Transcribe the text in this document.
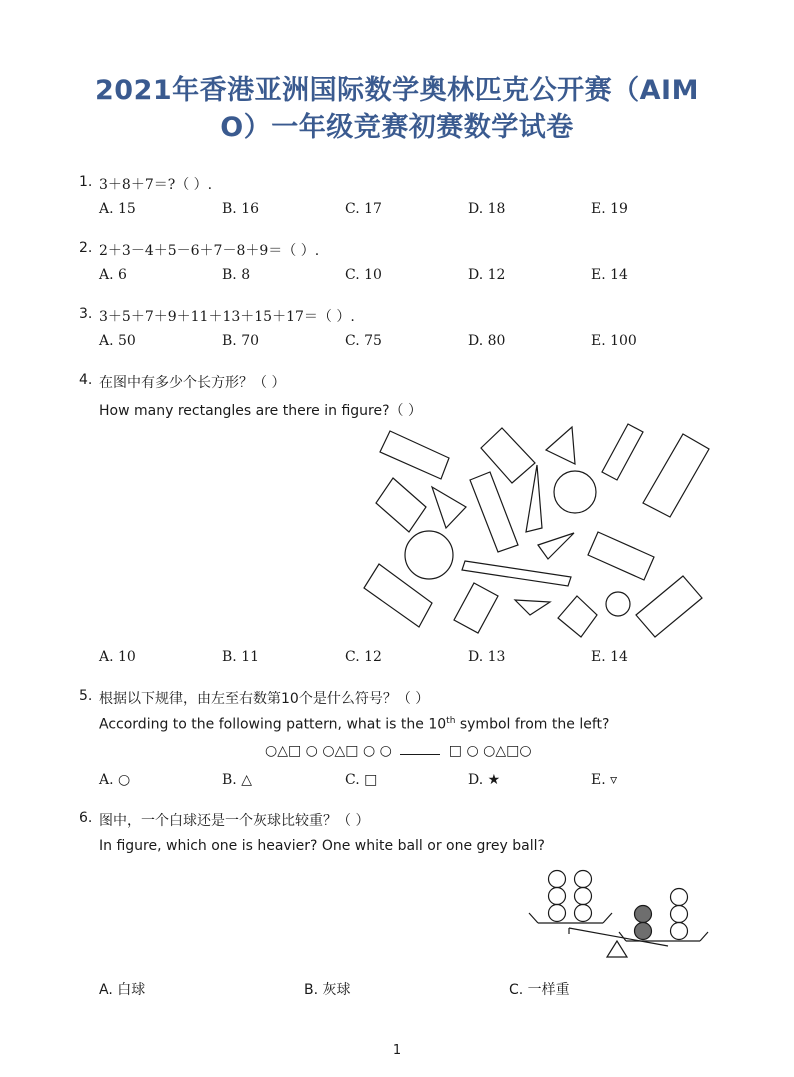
2021年香港亚洲国际数学奥林匹克公开赛（AIM
O）一年级竞赛初赛数学试卷
1. 3＋8＋7＝?（ ）.
A. 15	B. 16	C. 17	D. 18	E. 19
2. 2＋3－4＋5－6＋7－8＋9＝（ ）.
A. 6	B. 8	C. 10	D. 12	E. 14
3. 3＋5＋7＋9＋11＋13＋15＋17＝（ ）.
A. 50	B. 70	C. 75	D. 80	E. 100
4. 在图中有多少个长方形？（ ）
How many rectangles are there in figure?（ ）
A. 10	B. 11	C. 12	D. 13	E. 14
5. 根据以下规律，由左至右数第10个是什么符号？（ ）
According to the following pattern, what is the 10th symbol from the left?
○△□ ○ ○△□ ○ ○	□ ○ ○△□○
A. ○	B. △	C. □	D. ★	E. ▿
6. 图中，一个白球还是一个灰球比较重？（ ）
In figure, which one is heavier? One white ball or one grey ball?
A. 白球	B. 灰球	C. 一样重
1
